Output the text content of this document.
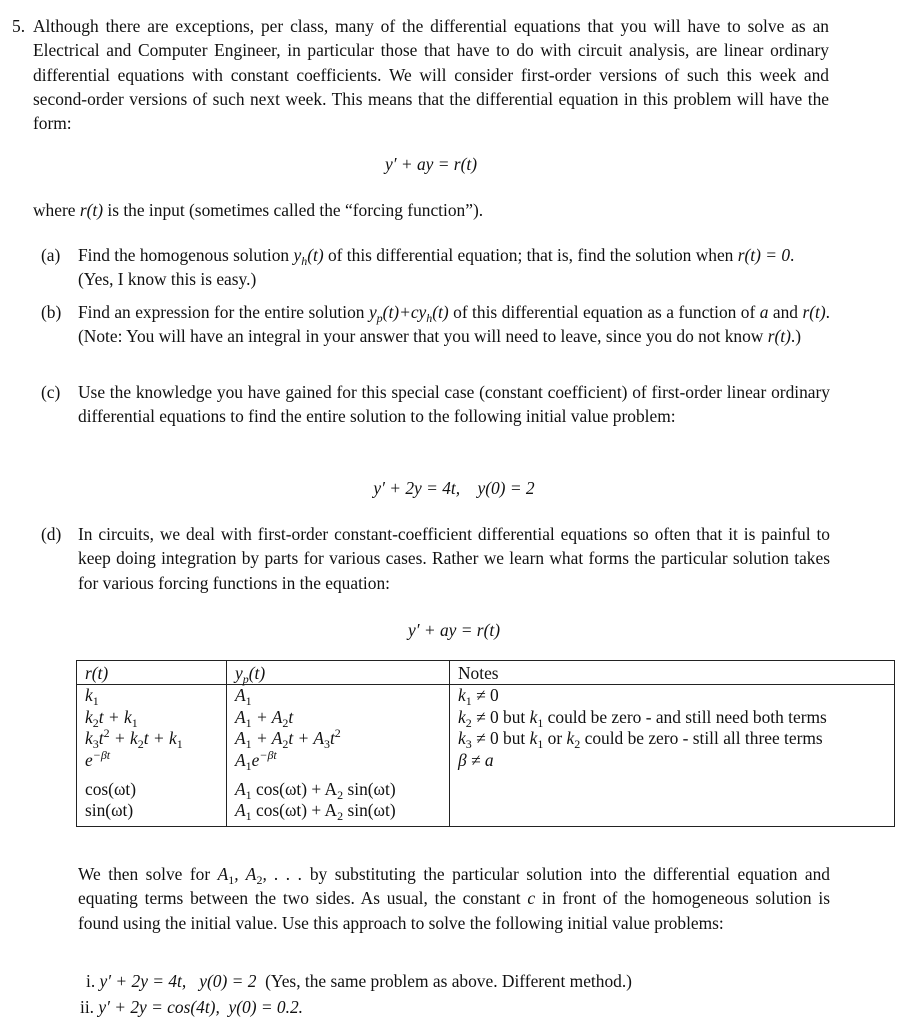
5. Although there are exceptions, per class, many of the differential equations that you will have to solve as an Electrical and Computer Engineer, in particular those that have to do with circuit analysis, are linear ordinary differential equations with constant coefficients. We will consider first-order versions of such this week and second-order versions of such next week. This means that the differential equation in this problem will have the form:
y′ + ay = r(t)
where r(t) is the input (sometimes called the “forcing function”).
(a)	Find the homogenous solution $y_h(t)$ of this differential equation; that is, find the solution when r(t) = 0. (Yes, I know this is easy.)
(b) Find an expression for the entire solution $y_p(t)+cy_h(t)$ of this differential equation as a function of a and r(t). (Note: You will have an integral in your answer that you will need to leave, since you do not know r(t).)
(c)	Use the knowledge you have gained for this special case (constant coefficient) of first-order linear ordinary differential equations to find the entire solution to the following initial value problem:
y′ + 2y = 4t,    y(0) = 2
(d) In circuits, we deal with first-order constant-coefficient differential equations so often that it is painful to keep doing integration by parts for various cases. Rather we learn what forms the particular solution takes for various forcing functions in the equation:
y′ + ay = r(t)
r(t)	$y_p(t)$	Notes
$k_1$	$A_1$	$k_1 \ne 0$
$k_2t + k_1$	$A_1 + A_2t$	$k_2 \ne 0$ but $k_1$ could be zero - and still need both terms
$k_3t^2 + k_2t + k_1$	$A_1 + A_2t + A_3t^2$	$k_3 \ne 0$ but $k_1$ or $k_2$ could be zero - still all three terms
$e^{-\beta t}$	$A_1e^{-\beta t}$	β ≠ a

cos(ωt)	$A_1$ $\cos(\omega t) + A_2$ sin(ωt)	
sin(ωt)	$A_1$ $\cos(\omega t) + A_2$ sin(ωt)	
We then solve for $A_1$, $A_2$, . . . by substituting the particular solution into the differential equation and equating terms between the two sides. As usual, the constant c in front of the homogeneous solution is found using the initial value. Use this approach to solve the following initial value problems:
i. y′ + 2y = 4t,   y(0) = 2 (Yes, the same problem as above. Different method.)
ii. y′ + 2y = cos(4t),  y(0) = 0.2.
